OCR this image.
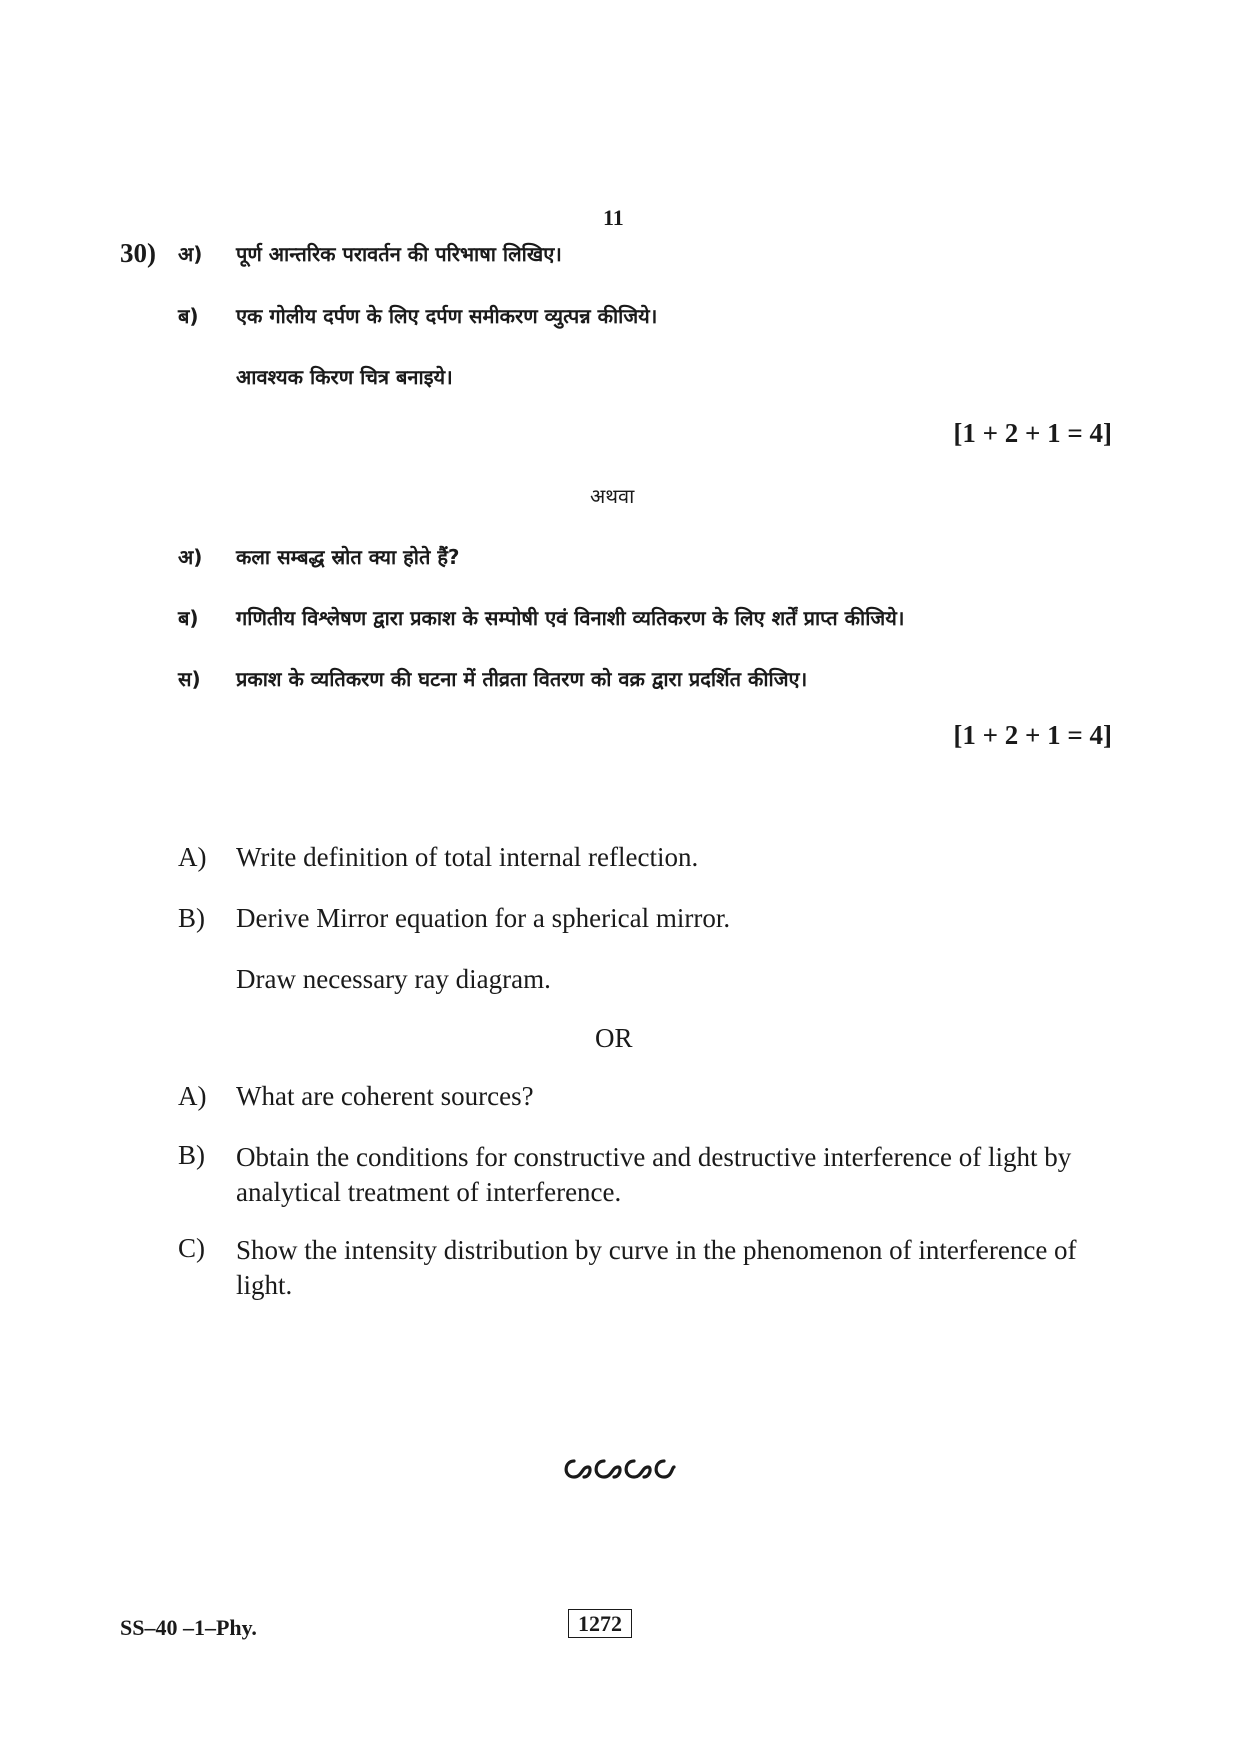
11
30) अ) पूर्ण आन्तरिक परावर्तन की परिभाषा लिखिए।
ब) एक गोलीय दर्पण के लिए दर्पण समीकरण व्युत्पन्न कीजिये।
आवश्यक किरण चित्र बनाइये।
[1 + 2 + 1 = 4]
अथवा
अ) कला सम्बद्ध स्रोत क्या होते हैं?
ब) गणितीय विश्लेषण द्वारा प्रकाश के सम्पोषी एवं विनाशी व्यतिकरण के लिए शर्तें प्राप्त कीजिये।
स) प्रकाश के व्यतिकरण की घटना में तीव्रता वितरण को वक्र द्वारा प्रदर्शित कीजिए।
[1 + 2 + 1 = 4]
A) Write definition of total internal reflection.
B) Derive Mirror equation for a spherical mirror.
Draw necessary ray diagram.
OR
A) What are coherent sources?
B) Obtain the conditions for constructive and destructive interference of light by analytical treatment of interference.
C) Show the intensity distribution by curve in the phenomenon of interference of light.
SS–40 –1–Phy.	1272
